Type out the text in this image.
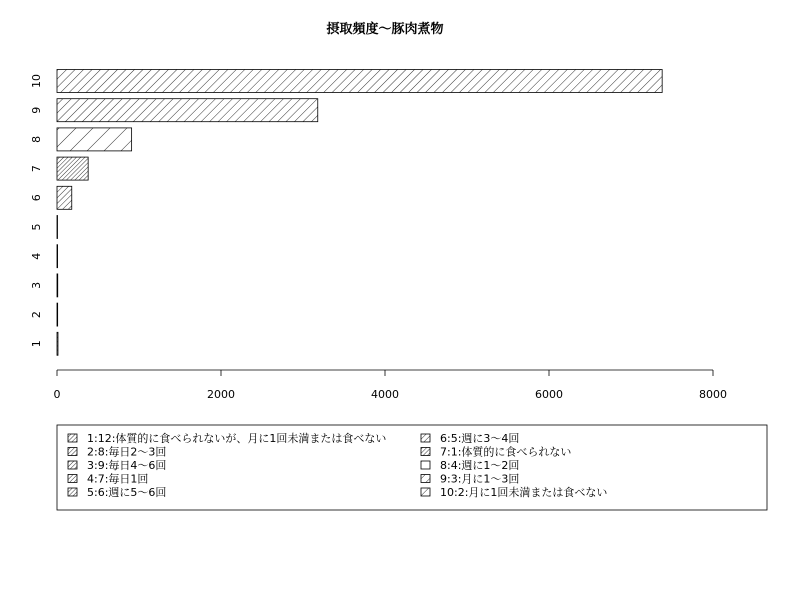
摂取頻度〜豚肉煮物
0	2000	4000	6000	8000
1
2
3
4
5
6
7
8
9
10
1:12:体質的に食べられないが、月に1回未満または食べない
2:8:毎日2〜3回
3:9:毎日4〜6回
4:7:毎日1回
5:6:週に5〜6回
6:5:週に3〜4回
7:1:体質的に食べられない
8:4:週に1〜2回
9:3:月に1〜3回
10:2:月に1回未満または食べない
